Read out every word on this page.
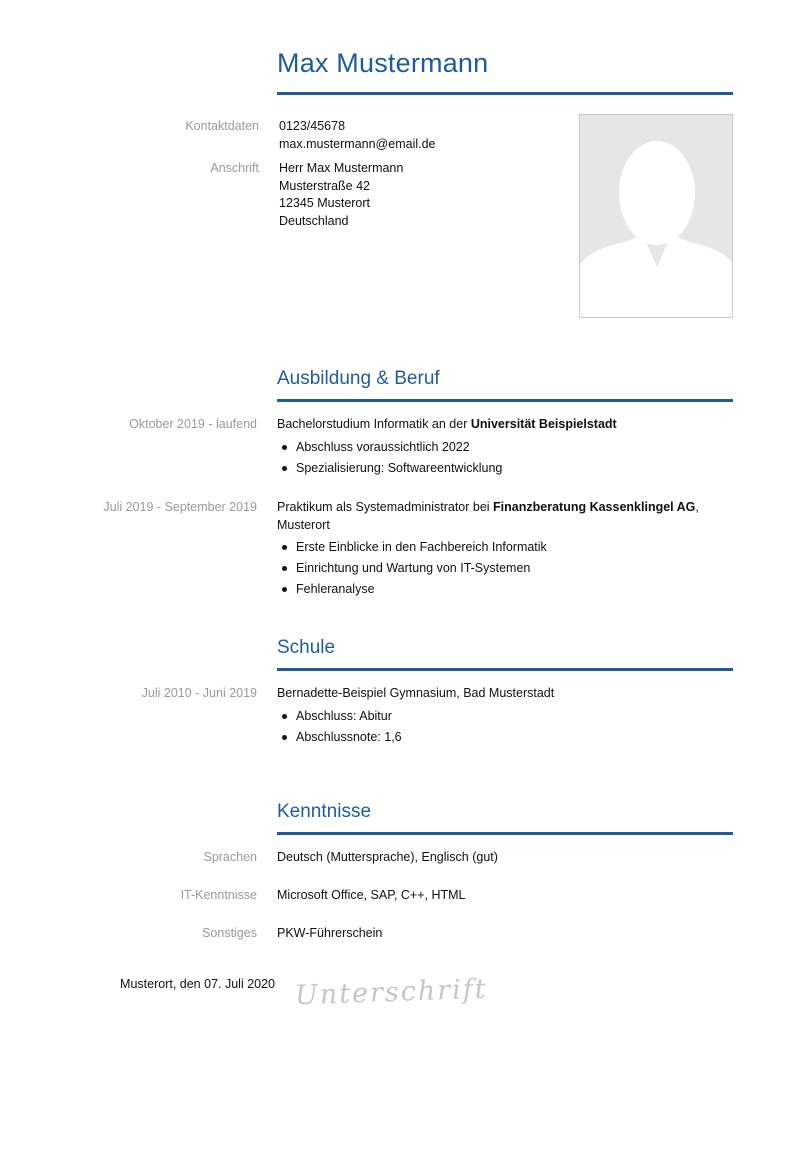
Max Mustermann
Kontaktdaten 0123/45678
max.mustermann@email.de
Anschrift Herr Max Mustermann
Musterstraße 42
12345 Musterort
Deutschland
Ausbildung & Beruf
Oktober 2019 - laufend Bachelorstudium Informatik an der Universität Beispielstadt
Abschluss voraussichtlich 2022
Spezialisierung: Softwareentwicklung
Juli 2019 - September 2019 Praktikum als Systemadministrator bei Finanzberatung Kassenklingel AG, Musterort
Erste Einblicke in den Fachbereich Informatik
Einrichtung und Wartung von IT-Systemen
Fehleranalyse
Schule
Juli 2010 - Juni 2019 Bernadette-Beispiel Gymnasium, Bad Musterstadt
Abschluss: Abitur
Abschlussnote: 1,6
Kenntnisse
Sprachen Deutsch (Muttersprache), Englisch (gut)
IT-Kenntnisse Microsoft Office, SAP, C++, HTML
Sonstiges PKW-Führerschein
Musterort, den 07. Juli 2020 Unterschrift
